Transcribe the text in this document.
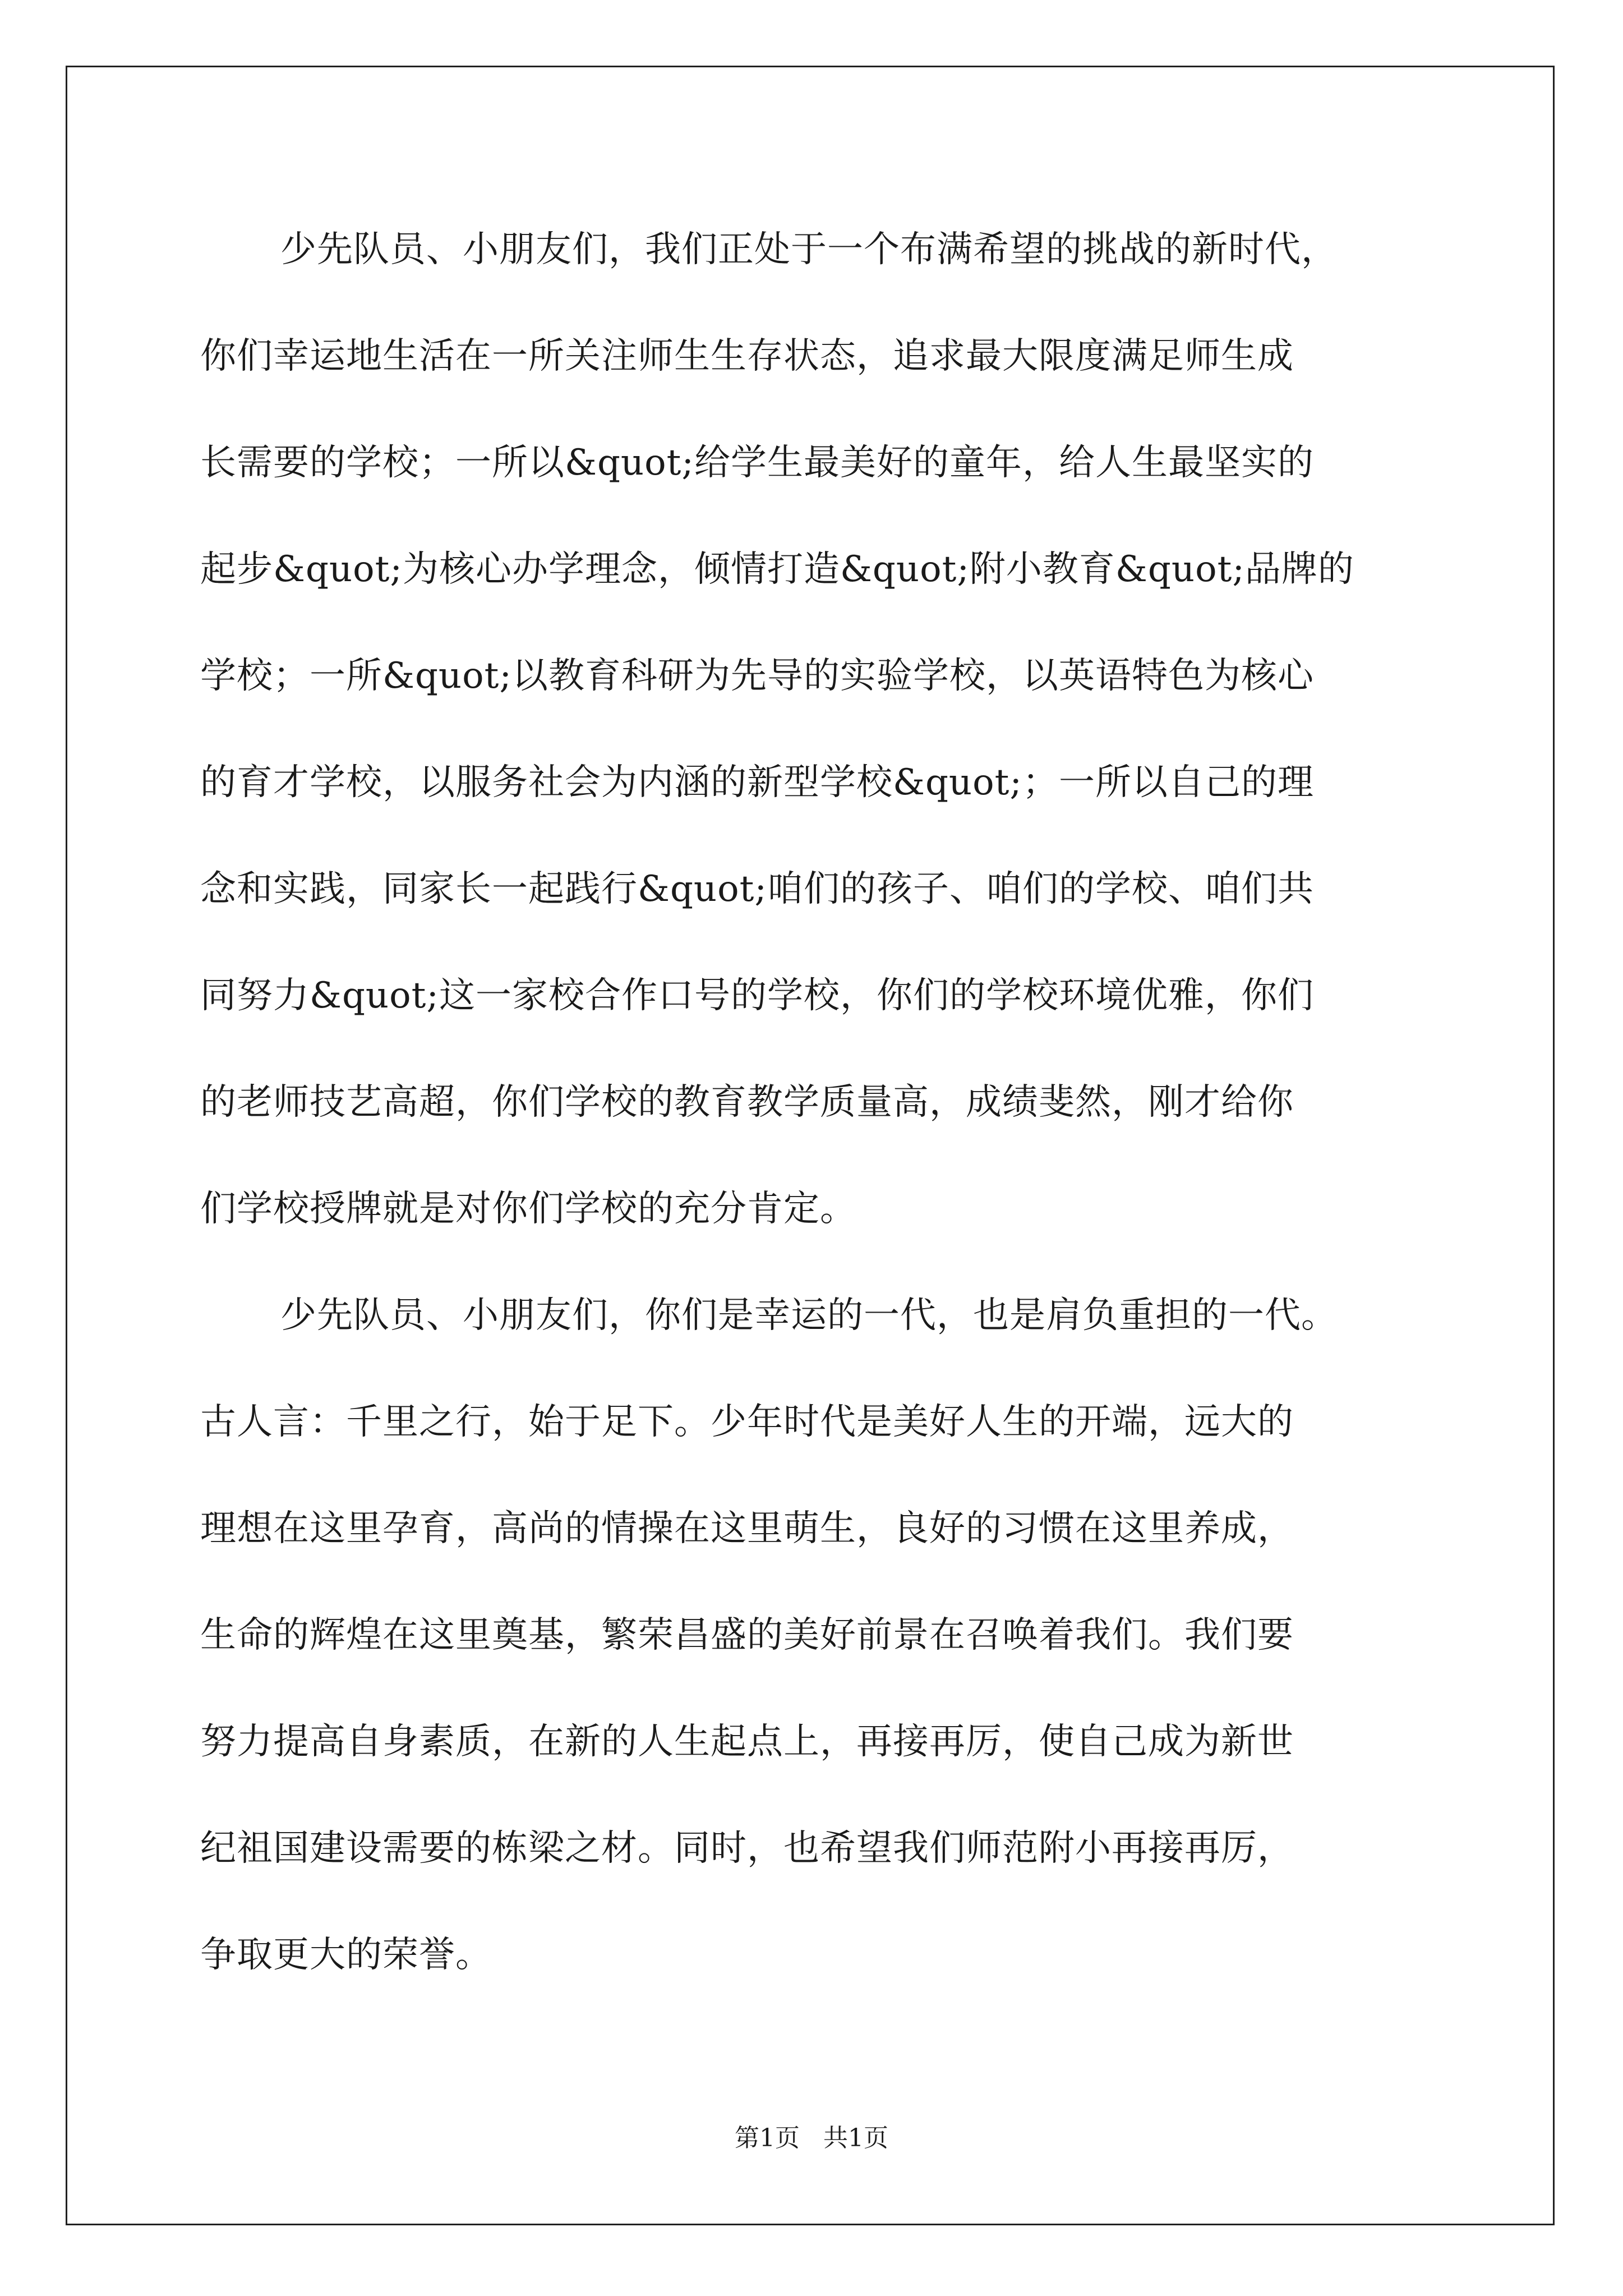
少先队员、小朋友们，我们正处于一个布满希望的挑战的新时代，
你们幸运地生活在一所关注师生生存状态，追求最大限度满足师生成
长需要的学校；一所以&quot;给学生最美好的童年，给人生最坚实的
起步&quot;为核心办学理念，倾情打造&quot;附小教育&quot;品牌的
学校；一所&quot;以教育科研为先导的实验学校，以英语特色为核心
的育才学校，以服务社会为内涵的新型学校&quot;；一所以自己的理
念和实践，同家长一起践行&quot;咱们的孩子、咱们的学校、咱们共
同努力&quot;这一家校合作口号的学校，你们的学校环境优雅，你们
的老师技艺高超，你们学校的教育教学质量高，成绩斐然，刚才给你
们学校授牌就是对你们学校的充分肯定。
少先队员、小朋友们，你们是幸运的一代，也是肩负重担的一代。
古人言：千里之行，始于足下。少年时代是美好人生的开端，远大的
理想在这里孕育，高尚的情操在这里萌生，良好的习惯在这里养成，
生命的辉煌在这里奠基，繁荣昌盛的美好前景在召唤着我们。我们要
努力提高自身素质，在新的人生起点上，再接再厉，使自己成为新世
纪祖国建设需要的栋梁之材。同时，也希望我们师范附小再接再厉，
争取更大的荣誉。
第1页 共1页
